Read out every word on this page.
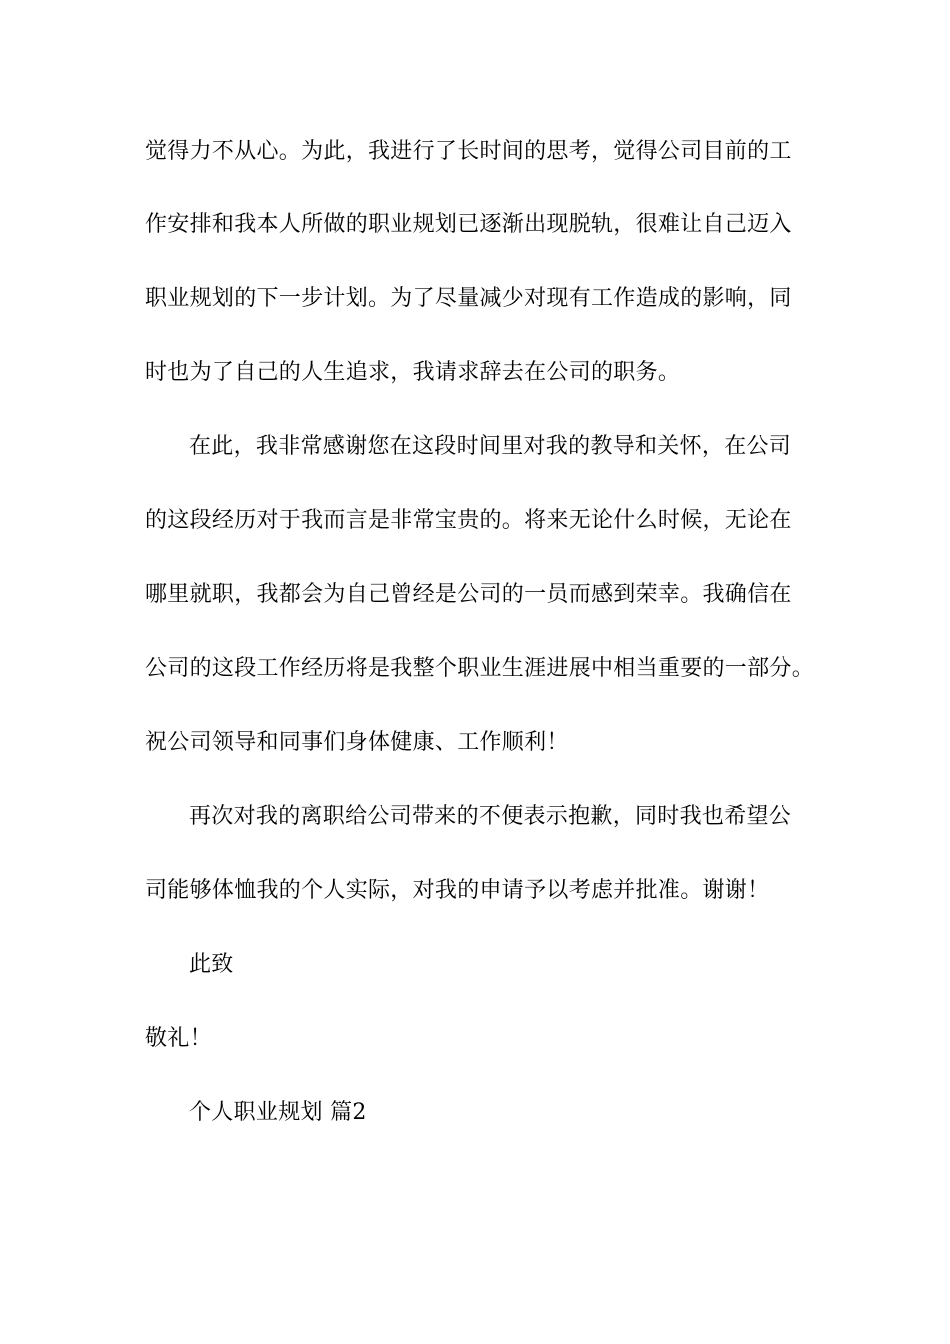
觉得力不从心。为此，我进行了长时间的思考，觉得公司目前的工
作安排和我本人所做的职业规划已逐渐出现脱轨，很难让自己迈入
职业规划的下一步计划。为了尽量减少对现有工作造成的影响，同
时也为了自己的人生追求，我请求辞去在公司的职务。
在此，我非常感谢您在这段时间里对我的教导和关怀，在公司
的这段经历对于我而言是非常宝贵的。将来无论什么时候，无论在
哪里就职，我都会为自己曾经是公司的一员而感到荣幸。我确信在
公司的这段工作经历将是我整个职业生涯进展中相当重要的一部分。
祝公司领导和同事们身体健康、工作顺利！
再次对我的离职给公司带来的不便表示抱歉，同时我也希望公
司能够体恤我的个人实际，对我的申请予以考虑并批准。谢谢！
此致
敬礼！
个人职业规划 篇2
